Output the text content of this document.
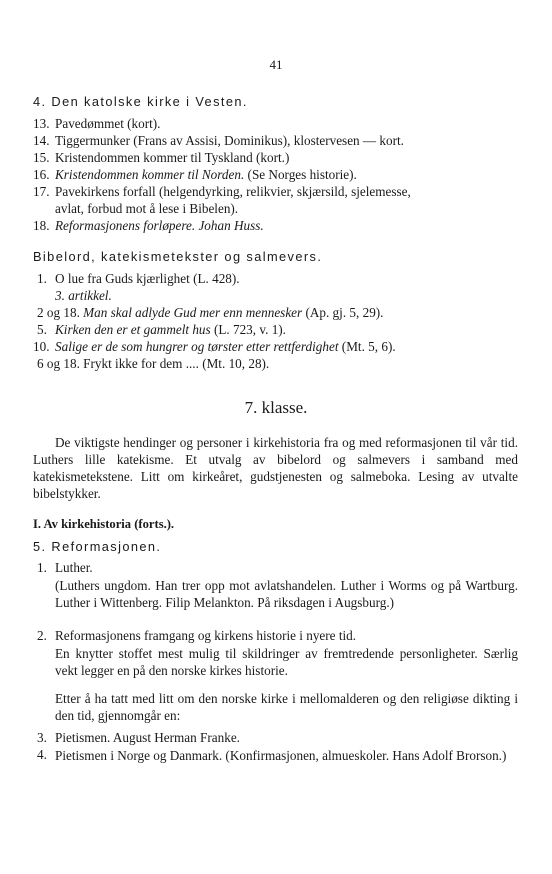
41
4. Den katolske kirke i Vesten.
13. Pavedømmet (kort).
14. Tiggermunker (Frans av Assisi, Dominikus), klostervesen — kort.
15. Kristendommen kommer til Tyskland (kort.)
16. Kristendommen kommer til Norden. (Se Norges historie).
17. Pavekirkens forfall (helgendyrking, relikvier, skjærsild, sjelemesse,
avlat, forbud mot å lese i Bibelen).
18. Reformasjonens forløpere. Johan Huss.
Bibelord, katekismetekster og salmevers.
1. O lue fra Guds kjærlighet (L. 428).
3. artikkel.
2 og 18. Man skal adlyde Gud mer enn mennesker (Ap. gj. 5, 29).
5. Kirken den er et gammelt hus (L. 723, v. 1).
10. Salige er de som hungrer og tørster etter rettferdighet (Mt. 5, 6).
6 og 18. Frykt ikke for dem .... (Mt. 10, 28).
7. klasse.
De viktigste hendinger og personer i kirkehistoria fra og med reformasjonen til vår tid. Luthers lille katekisme. Et utvalg av bibelord og salmevers i samband med katekismetekstene. Litt om kirkeåret, gudstjenesten og salmeboka. Lesing av utvalte bibelstykker.
I. Av kirkehistoria (forts.).
5. Reformasjonen.
1. Luther.
(Luthers ungdom. Han trer opp mot avlatshandelen. Luther i Worms og på Wartburg. Luther i Wittenberg. Filip Melankton. På riksdagen i Augsburg.)
2. Reformasjonens framgang og kirkens historie i nyere tid.
En knytter stoffet mest mulig til skildringer av fremtredende personligheter. Særlig vekt legger en på den norske kirkes historie.
Etter å ha tatt med litt om den norske kirke i mellomalderen og den religiøse dikting i den tid, gjennomgår en:
3. Pietismen. August Herman Franke.
4. Pietismen i Norge og Danmark. (Konfirmasjonen, almueskoler. Hans Adolf Brorson.)
